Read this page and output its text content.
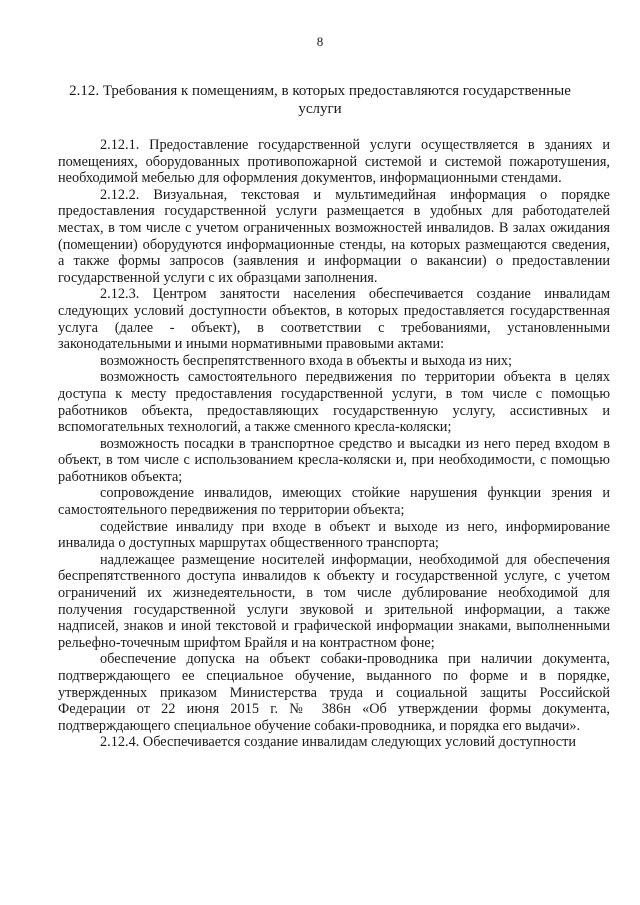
8
2.12. Требования к помещениям, в которых предоставляются государственные услуги

2.12.1. Предоставление государственной услуги осуществляется в зданиях и помещениях, оборудованных противопожарной системой и системой пожаротушения, необходимой мебелью для оформления документов, информационными стендами.

2.12.2. Визуальная, текстовая и мультимедийная информация о порядке предоставления государственной услуги размещается в удобных для работодателей местах, в том числе с учетом ограниченных возможностей инвалидов. В залах ожидания (помещении) оборудуются информационные стенды, на которых размещаются сведения, а также формы запросов (заявления и информации о вакансии) о предоставлении государственной услуги с их образцами заполнения.

2.12.3. Центром занятости населения обеспечивается создание инвалидам следующих условий доступности объектов, в которых предоставляется государственная услуга (далее - объект), в соответствии с требованиями, установленными законодательными и иными нормативными правовыми актами:

возможность беспрепятственного входа в объекты и выхода из них;

возможность самостоятельного передвижения по территории объекта в целях доступа к месту предоставления государственной услуги, в том числе с помощью работников объекта, предоставляющих государственную услугу, ассистивных и вспомогательных технологий, а также сменного кресла-коляски;

возможность посадки в транспортное средство и высадки из него перед входом в объект, в том числе с использованием кресла-коляски и, при необходимости, с помощью работников объекта;

сопровождение инвалидов, имеющих стойкие нарушения функции зрения и самостоятельного передвижения по территории объекта;

содействие инвалиду при входе в объект и выходе из него, информирование инвалида о доступных маршрутах общественного транспорта;

надлежащее размещение носителей информации, необходимой для обеспечения беспрепятственного доступа инвалидов к объекту и государственной услуге, с учетом ограничений их жизнедеятельности, в том числе дублирование необходимой для получения государственной услуги звуковой и зрительной информации, а также надписей, знаков и иной текстовой и графической информации знаками, выполненными рельефно-точечным шрифтом Брайля и на контрастном фоне;

обеспечение допуска на объект собаки-проводника при наличии документа, подтверждающего ее специальное обучение, выданного по форме и в порядке, утвержденных приказом Министерства труда и социальной защиты Российской Федерации от 22 июня 2015 г. № 386н «Об утверждении формы документа, подтверждающего специальное обучение собаки-проводника, и порядка его выдачи».

2.12.4. Обеспечивается создание инвалидам следующих условий доступности
